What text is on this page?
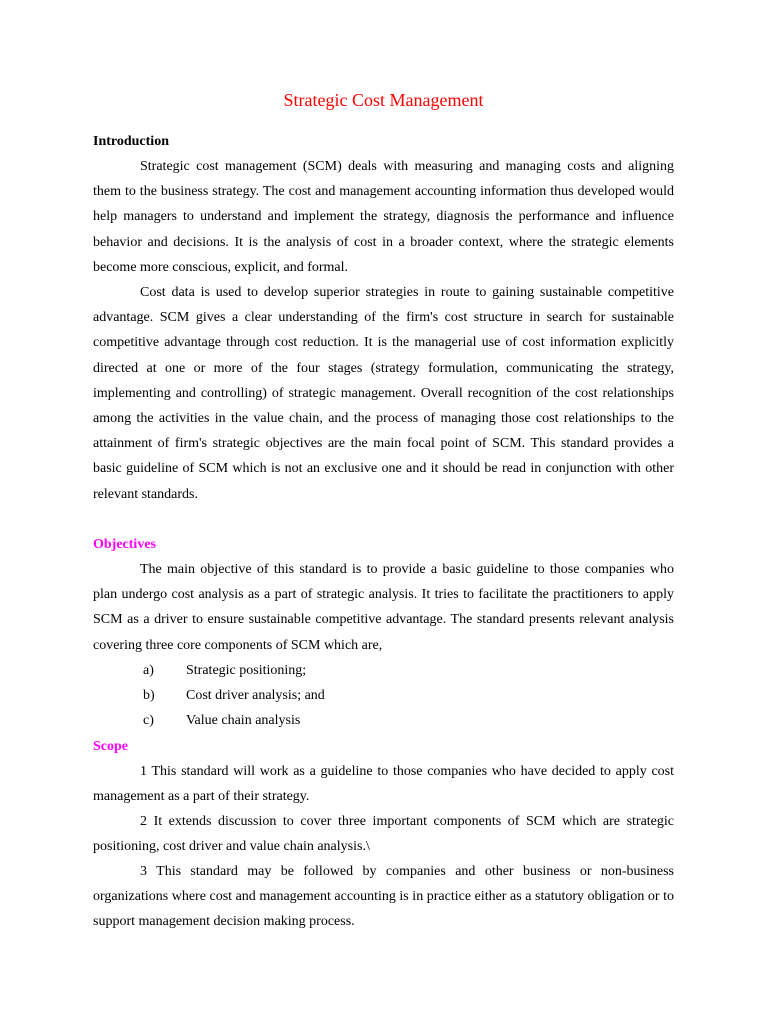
Strategic Cost Management
Introduction

Strategic cost management (SCM) deals with measuring and managing costs and aligning them to the business strategy. The cost and management accounting information thus developed would help managers to understand and implement the strategy, diagnosis the performance and influence behavior and decisions. It is the analysis of cost in a broader context, where the strategic elements become more conscious, explicit, and formal.

Cost data is used to develop superior strategies in route to gaining sustainable competitive advantage. SCM gives a clear understanding of the firm's cost structure in search for sustainable competitive advantage through cost reduction. It is the managerial use of cost information explicitly directed at one or more of the four stages (strategy formulation, communicating the strategy, implementing and controlling) of strategic management. Overall recognition of the cost relationships among the activities in the value chain, and the process of managing those cost relationships to the attainment of firm's strategic objectives are the main focal point of SCM. This standard provides a basic guideline of SCM which is not an exclusive one and it should be read in conjunction with other relevant standards.

Objectives

The main objective of this standard is to provide a basic guideline to those companies who plan undergo cost analysis as a part of strategic analysis. It tries to facilitate the practitioners to apply SCM as a driver to ensure sustainable competitive advantage. The standard presents relevant analysis covering three core components of SCM which are,

a) Strategic positioning;
b) Cost driver analysis; and
c) Value chain analysis
Scope

1 This standard will work as a guideline to those companies who have decided to apply cost management as a part of their strategy.

2 It extends discussion to cover three important components of SCM which are strategic positioning, cost driver and value chain analysis.\

3 This standard may be followed by companies and other business or non-business organizations where cost and management accounting is in practice either as a statutory obligation or to support management decision making process.
